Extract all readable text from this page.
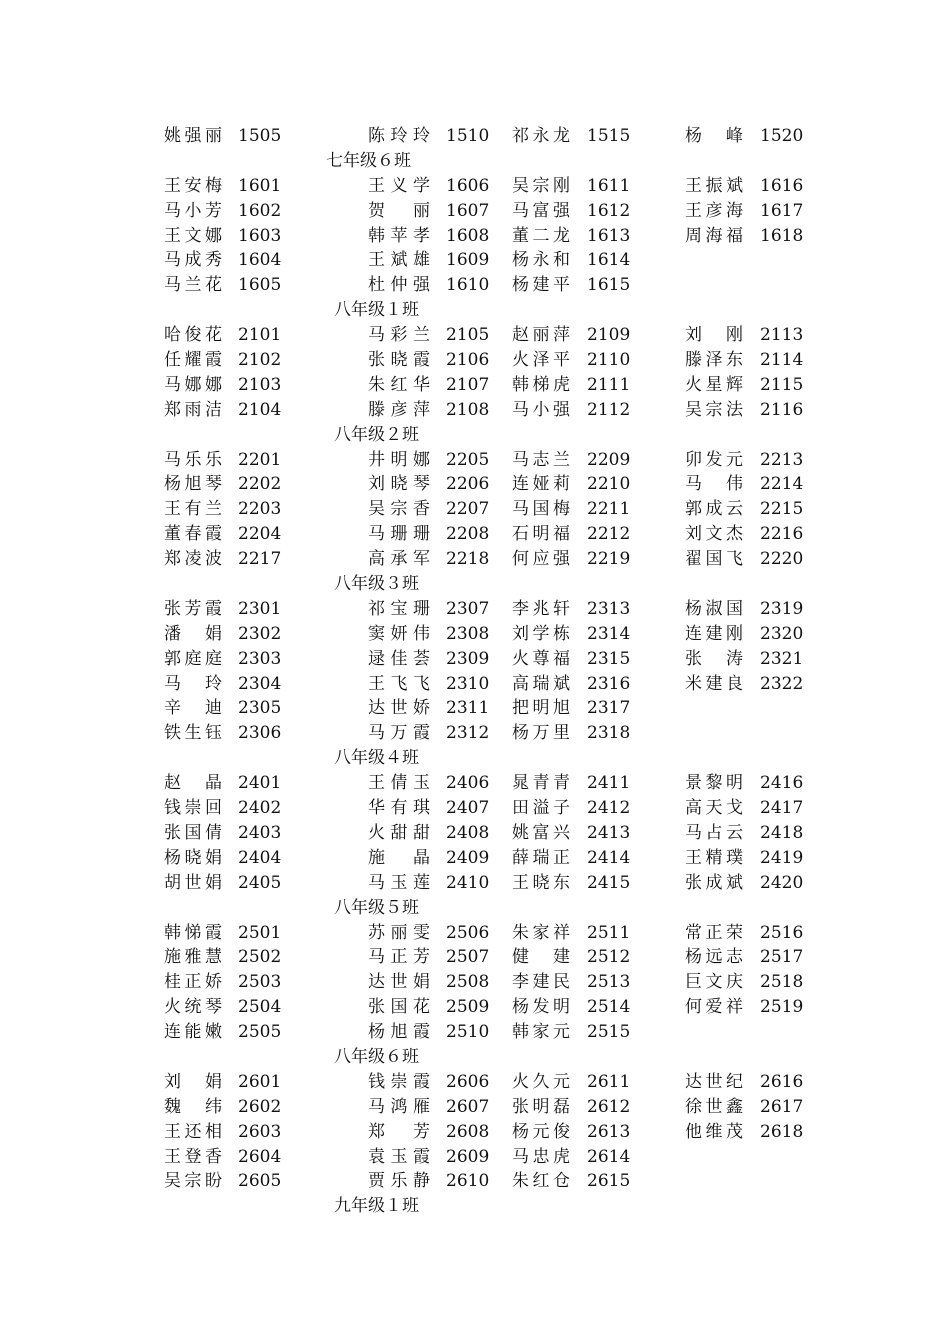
姚强丽 1505	陈玲玲 1510 祁永龙 1515	杨　峰 1520
七年级６班
王安梅 1601	王义学 1606 吴宗刚 1611	王振斌 1616
马小芳 1602	贺　丽 1607 马富强 1612	王彦海 1617
王文娜 1603	韩苹孝 1608 董二龙 1613	周海福 1618
马成秀 1604	王斌雄 1609 杨永和 1614
马兰花 1605	杜仲强 1610 杨建平 1615
八年级１班
哈俊花 2101	马彩兰 2105 赵丽萍 2109	刘　刚 2113
任耀霞 2102	张晓霞 2106 火泽平 2110	滕泽东 2114
马娜娜 2103	朱红华 2107 韩梯虎 2111	火星辉 2115
郑雨洁 2104	滕彦萍 2108 马小强 2112	吴宗法 2116
八年级２班
马乐乐 2201	井明娜 2205 马志兰 2209	卯发元 2213
杨旭琴 2202	刘晓琴 2206 连娅莉 2210	马　伟 2214
王有兰 2203	吴宗香 2207 马国梅 2211	郭成云 2215
董春霞 2204	马珊珊 2208 石明福 2212	刘文杰 2216
郑凌波 2217	高承军 2218 何应强 2219	翟国飞 2220
八年级３班
张芳霞 2301	祁宝珊 2307 李兆轩 2313	杨淑国 2319
潘　娟 2302	窦妍伟 2308 刘学栋 2314	连建刚 2320
郭庭庭 2303	逯佳荟 2309 火尊福 2315	张　涛 2321
马　玲 2304	王飞飞 2310 高瑞斌 2316	米建良 2322
辛　迪 2305	达世娇 2311 把明旭 2317
铁生钰 2306	马万霞 2312 杨万里 2318
八年级４班
赵　晶 2401	王倩玉 2406 晁青青 2411	景黎明 2416
钱崇回 2402	华有琪 2407 田溢子 2412	高天戈 2417
张国倩 2403	火甜甜 2408 姚富兴 2413	马占云 2418
杨晓娟 2404	施　晶 2409 薛瑞正 2414	王精璞 2419
胡世娟 2405	马玉莲 2410 王晓东 2415	张成斌 2420
八年级５班
韩悌霞 2501	苏丽雯 2506 朱家祥 2511	常正荣 2516
施雅慧 2502	马正芳 2507 健建 2512	杨远志 2517
桂正娇 2503	达世娟 2508 李建民 2513	巨文庆 2518
火统琴 2504	张国花 2509 杨发明 2514	何爱祥 2519
连能嫩 2505	杨旭霞 2510 韩家元 2515
八年级６班
刘　娟 2601	钱崇霞 2606 火久元 2611	达世纪 2616
魏　纬 2602	马鸿雁 2607 张明磊 2612	徐世鑫 2617
王还相 2603	郑　芳 2608 杨元俊 2613	他维茂 2618
王登香 2604	袁玉霞 2609 马忠虎 2614
吴宗盼 2605	贾乐静 2610 朱红仓 2615
九年级１班
